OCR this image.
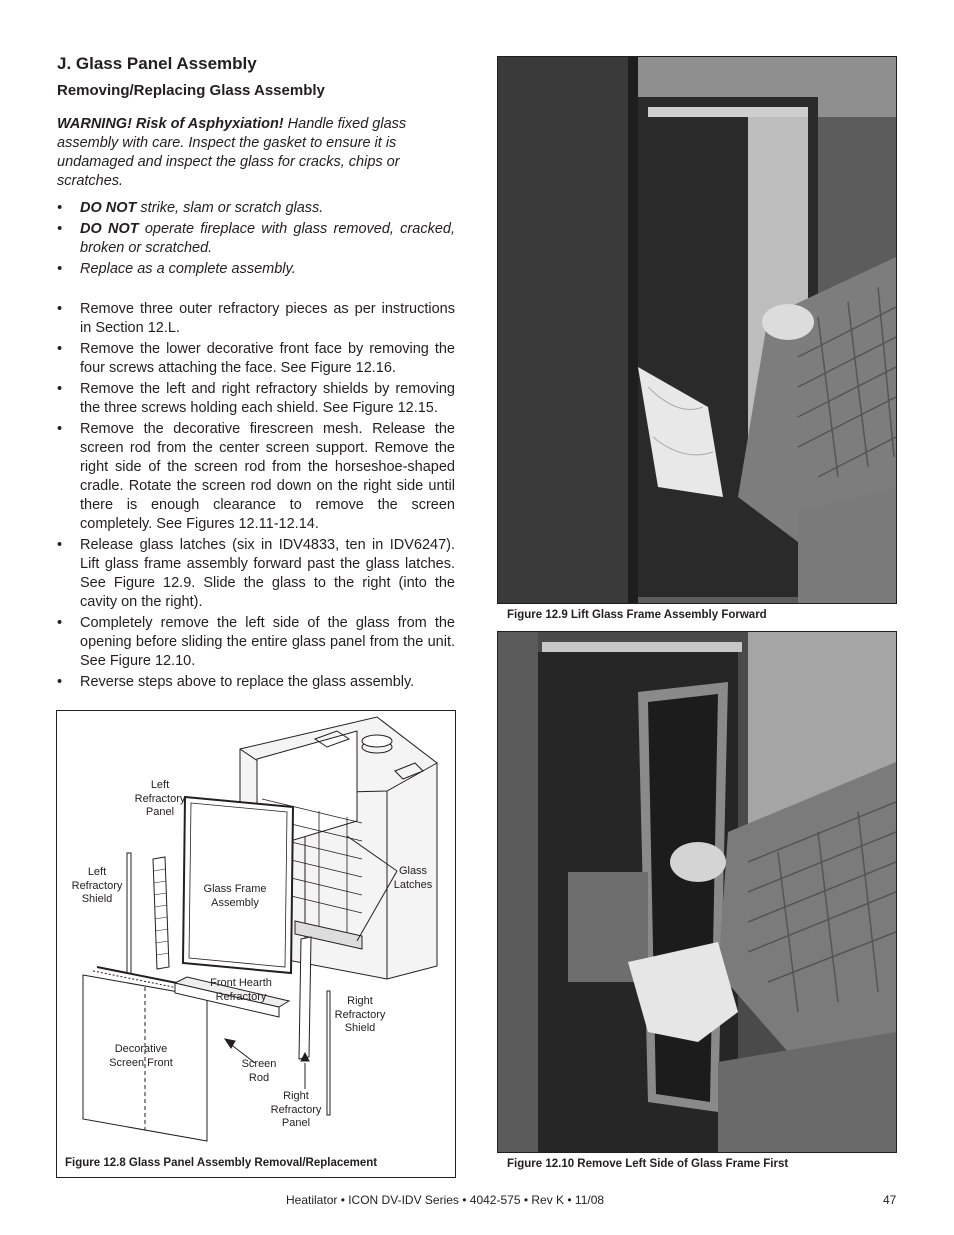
J. Glass Panel Assembly
Removing/Replacing Glass Assembly

WARNING! Risk of Asphyxiation! Handle fixed glass assembly with care. Inspect the gasket to ensure it is undamaged and inspect the glass for cracks, chips or scratches.

• DO NOT strike, slam or scratch glass.
• DO NOT operate fireplace with glass removed, cracked, broken or scratched.
• Replace as a complete assembly.
• Remove three outer refractory pieces as per instructions in Section 12.L.
• Remove the lower decorative front face by removing the four screws attaching the face. See Figure 12.16.
• Remove the left and right refractory shields by removing the three screws holding each shield. See Figure 12.15.
• Remove the decorative firescreen mesh. Release the screen rod from the center screen support. Remove the right side of the screen rod from the horseshoe-shaped cradle. Rotate the screen rod down on the right side until there is enough clearance to remove the screen completely. See Figures 12.11-12.14.
• Release glass latches (six in IDV4833, ten in IDV6247). Lift glass frame assembly forward past the glass latches. See Figure 12.9. Slide the glass to the right (into the cavity on the right).
• Completely remove the left side of the glass from the opening before sliding the entire glass panel from the unit. See Figure 12.10.
• Reverse steps above to replace the glass assembly.
Left
Refractory
Panel
Left
Refractory
Shield
Glass Frame
Assembly
Glass
Latches
Front Hearth
Refractory	Right
Refractory
Shield
Decorative
Screen Front	Screen
Rod
Right
Refractory
Panel
Figure 12.8 Glass Panel Assembly Removal/Replacement
Figure 12.9 Lift Glass Frame Assembly Forward
Figure 12.10 Remove Left Side of Glass Frame First
Heatilator • ICON DV-IDV Series • 4042-575 • Rev K • 11/08	47
